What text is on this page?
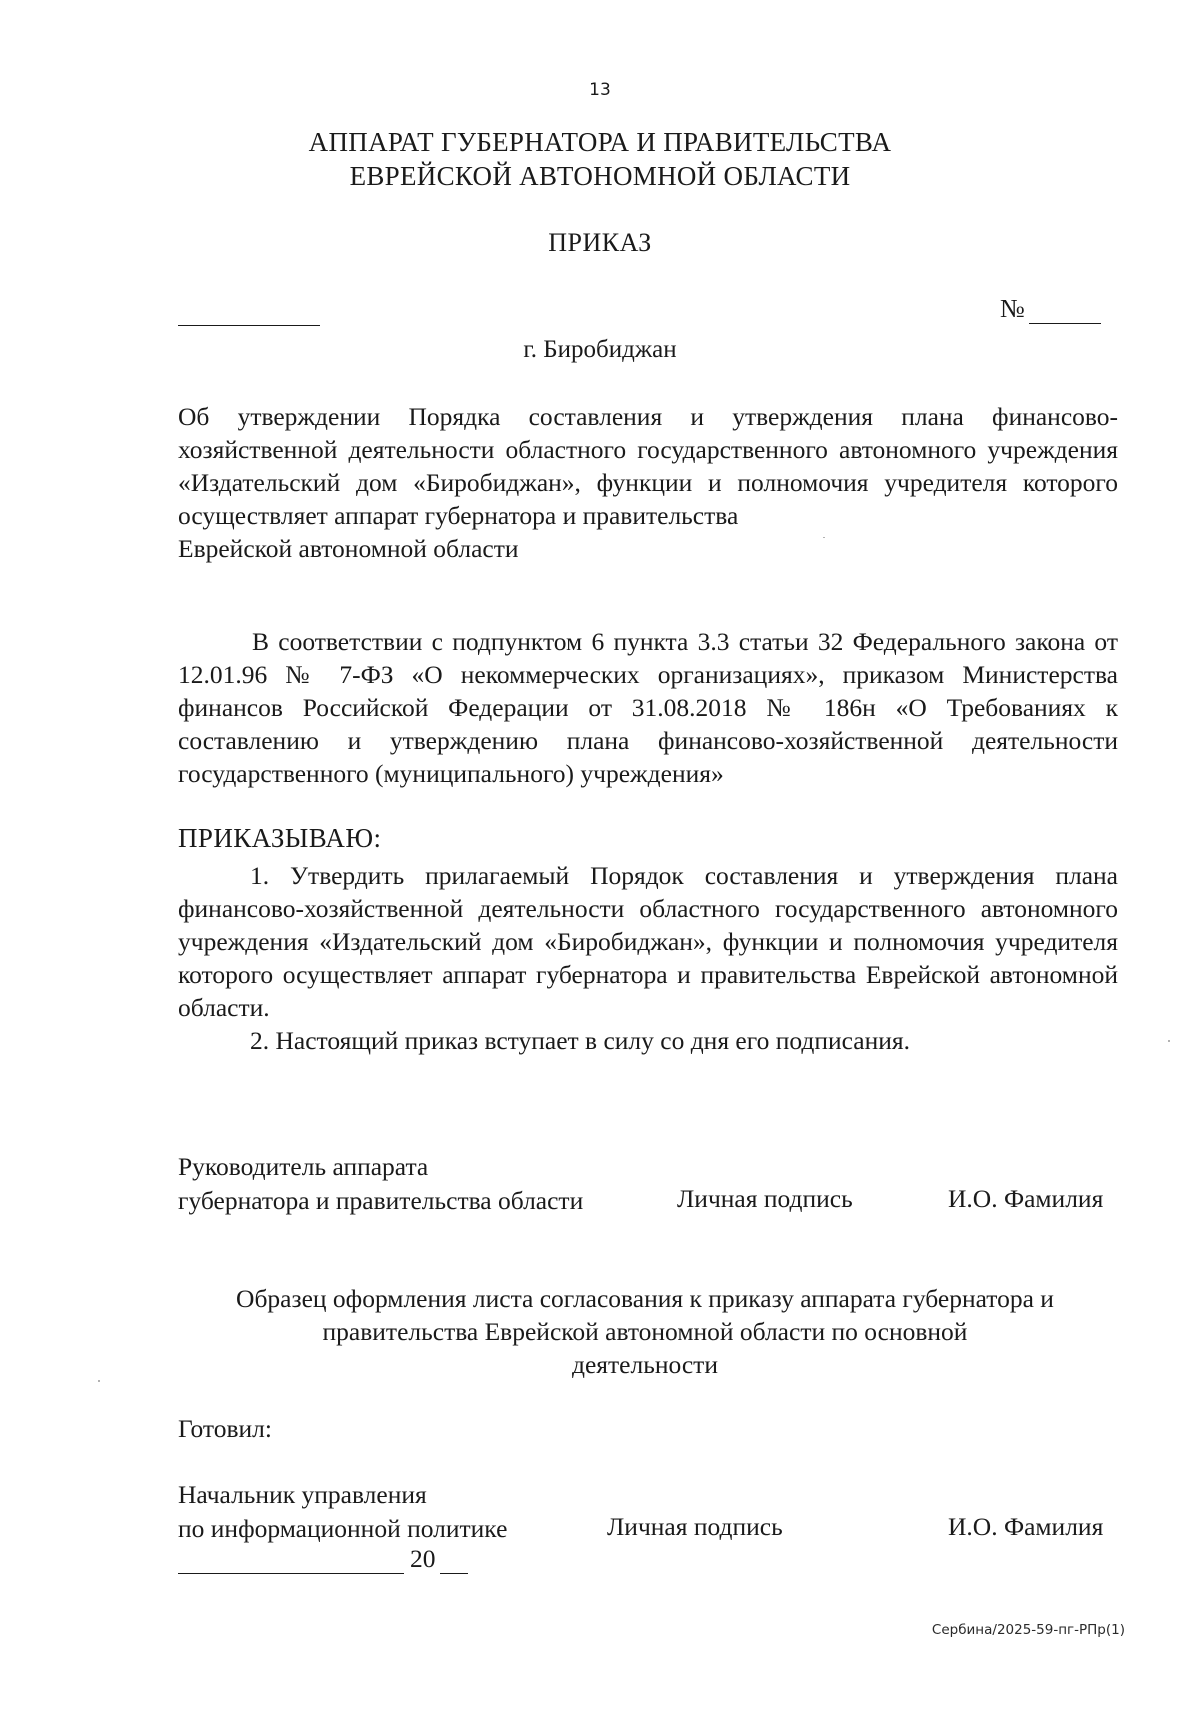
13
АППАРАТ ГУБЕРНАТОРА И ПРАВИТЕЛЬСТВА
ЕВРЕЙСКОЙ АВТОНОМНОЙ ОБЛАСТИ
ПРИКАЗ
№
г. Биробиджан
Об утверждении Порядка составления и утверждения плана финансово-хозяйственной деятельности областного государственного автономного учреждения «Издательский дом «Биробиджан», функции и полномочия учредителя которого осуществляет аппарат губернатора и правительства
Еврейской автономной области
В соответствии с подпунктом 6 пункта 3.3 статьи 32 Федерального закона от 12.01.96 № 7-ФЗ «О некоммерческих организациях», приказом Министерства финансов Российской Федерации от 31.08.2018 № 186н «О Требованиях к составлению и утверждению плана финансово-хозяйственной деятельности государственного (муниципального) учреждения»
ПРИКАЗЫВАЮ:
1. Утвердить прилагаемый Порядок составления и утверждения плана финансово-хозяйственной деятельности областного государственного автономного учреждения «Издательский дом «Биробиджан», функции и полномочия учредителя которого осуществляет аппарат губернатора и правительства Еврейской автономной области.
2. Настоящий приказ вступает в силу со дня его подписания.
Руководитель аппарата
губернатора и правительства области	Личная подпись	И.О. Фамилия
Образец оформления листа согласования к приказу аппарата губернатора и
правительства Еврейской автономной области по основной
деятельности
Готовил:
Начальник управления
по информационной политике	Личная подпись	И.О. Фамилия
20
Сербина/2025-59-пг-РПр(1)
